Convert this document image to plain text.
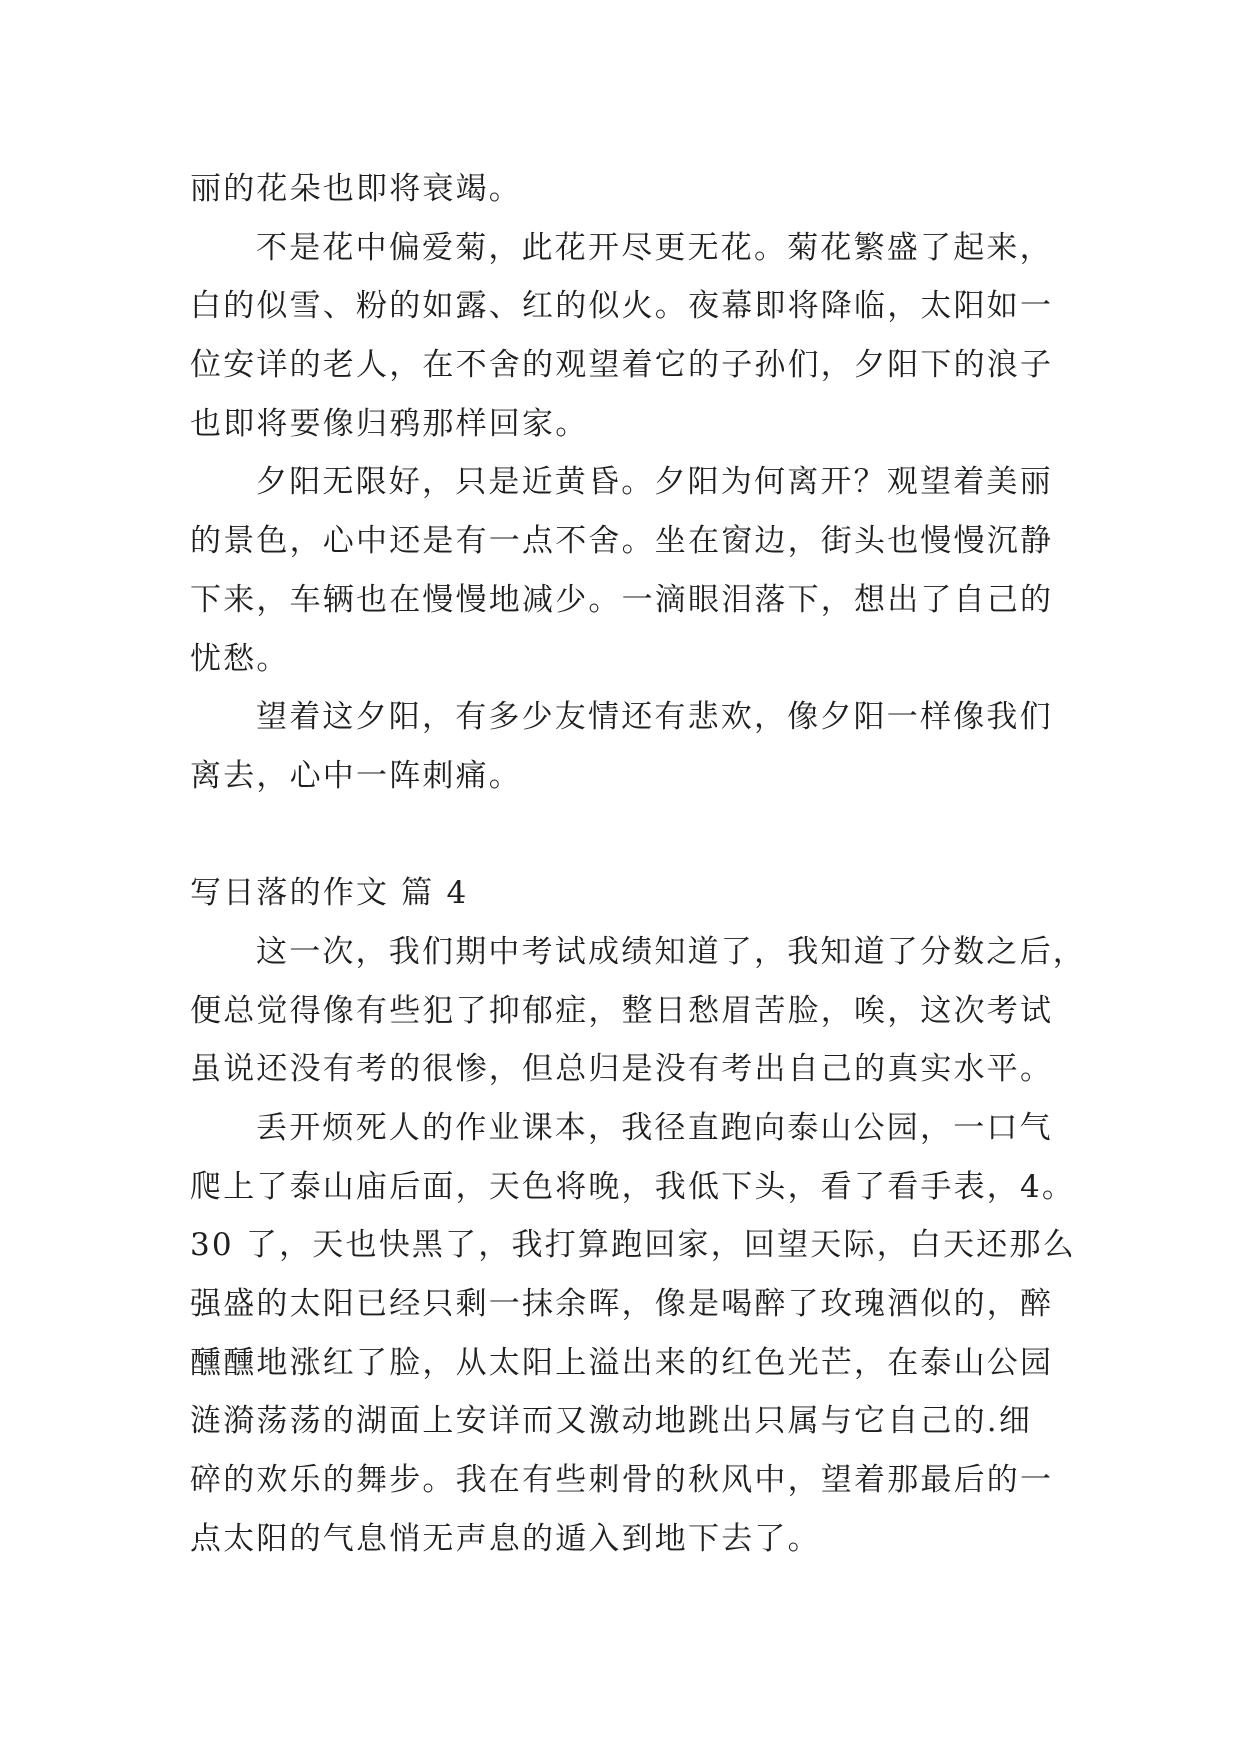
丽的花朵也即将衰竭。
不是花中偏爱菊，此花开尽更无花。菊花繁盛了起来，
白的似雪、粉的如露、红的似火。夜幕即将降临，太阳如一
位安详的老人，在不舍的观望着它的子孙们，夕阳下的浪子
也即将要像归鸦那样回家。
夕阳无限好，只是近黄昏。夕阳为何离开？观望着美丽
的景色，心中还是有一点不舍。坐在窗边，街头也慢慢沉静
下来，车辆也在慢慢地减少。一滴眼泪落下，想出了自己的
忧愁。
望着这夕阳，有多少友情还有悲欢，像夕阳一样像我们
离去，心中一阵刺痛。
写日落的作文 篇 4
这一次，我们期中考试成绩知道了，我知道了分数之后，
便总觉得像有些犯了抑郁症，整日愁眉苦脸，唉，这次考试
虽说还没有考的很惨，但总归是没有考出自己的真实水平。
丢开烦死人的作业课本，我径直跑向泰山公园，一口气
爬上了泰山庙后面，天色将晚，我低下头，看了看手表，4。
30 了，天也快黑了，我打算跑回家，回望天际，白天还那么
强盛的太阳已经只剩一抹余晖，像是喝醉了玫瑰酒似的，醉
醺醺地涨红了脸，从太阳上溢出来的红色光芒，在泰山公园
涟漪荡荡的湖面上安详而又激动地跳出只属与它自己的.细
碎的欢乐的舞步。我在有些刺骨的秋风中，望着那最后的一
点太阳的气息悄无声息的遁入到地下去了。
